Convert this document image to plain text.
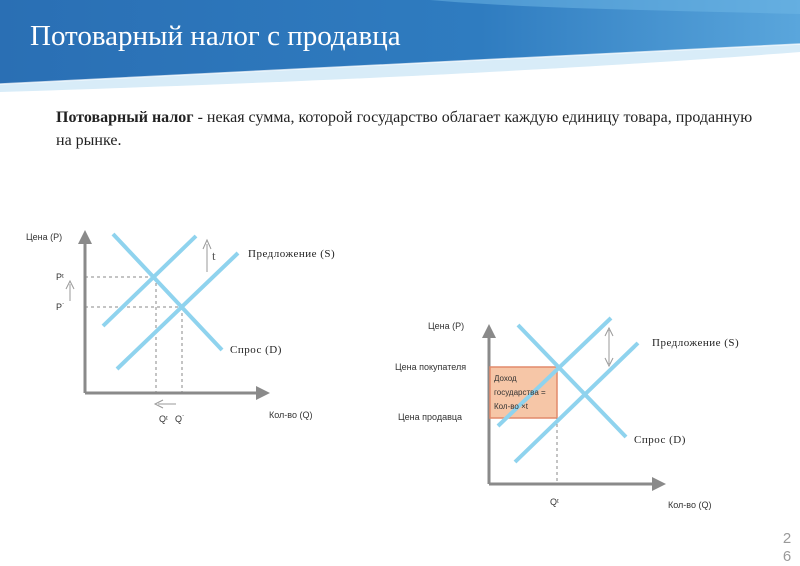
Потоварный налог с продавца
Потоварный налог - некая сумма, которой государство облагает каждую единицу товара, проданную на рынке.
Цена (Р)
Кол-во (Q)
Pᵗ
P˙
Qᵗ Q˙
t	Предложение (S)
Спрос (D)
Цена (Р)
Кол-во (Q)
Цена покупателя
Цена продавца
Qᵗ
Предложение (S)
Спрос (D)
Доход
государства =
Кол-во ×t
26
